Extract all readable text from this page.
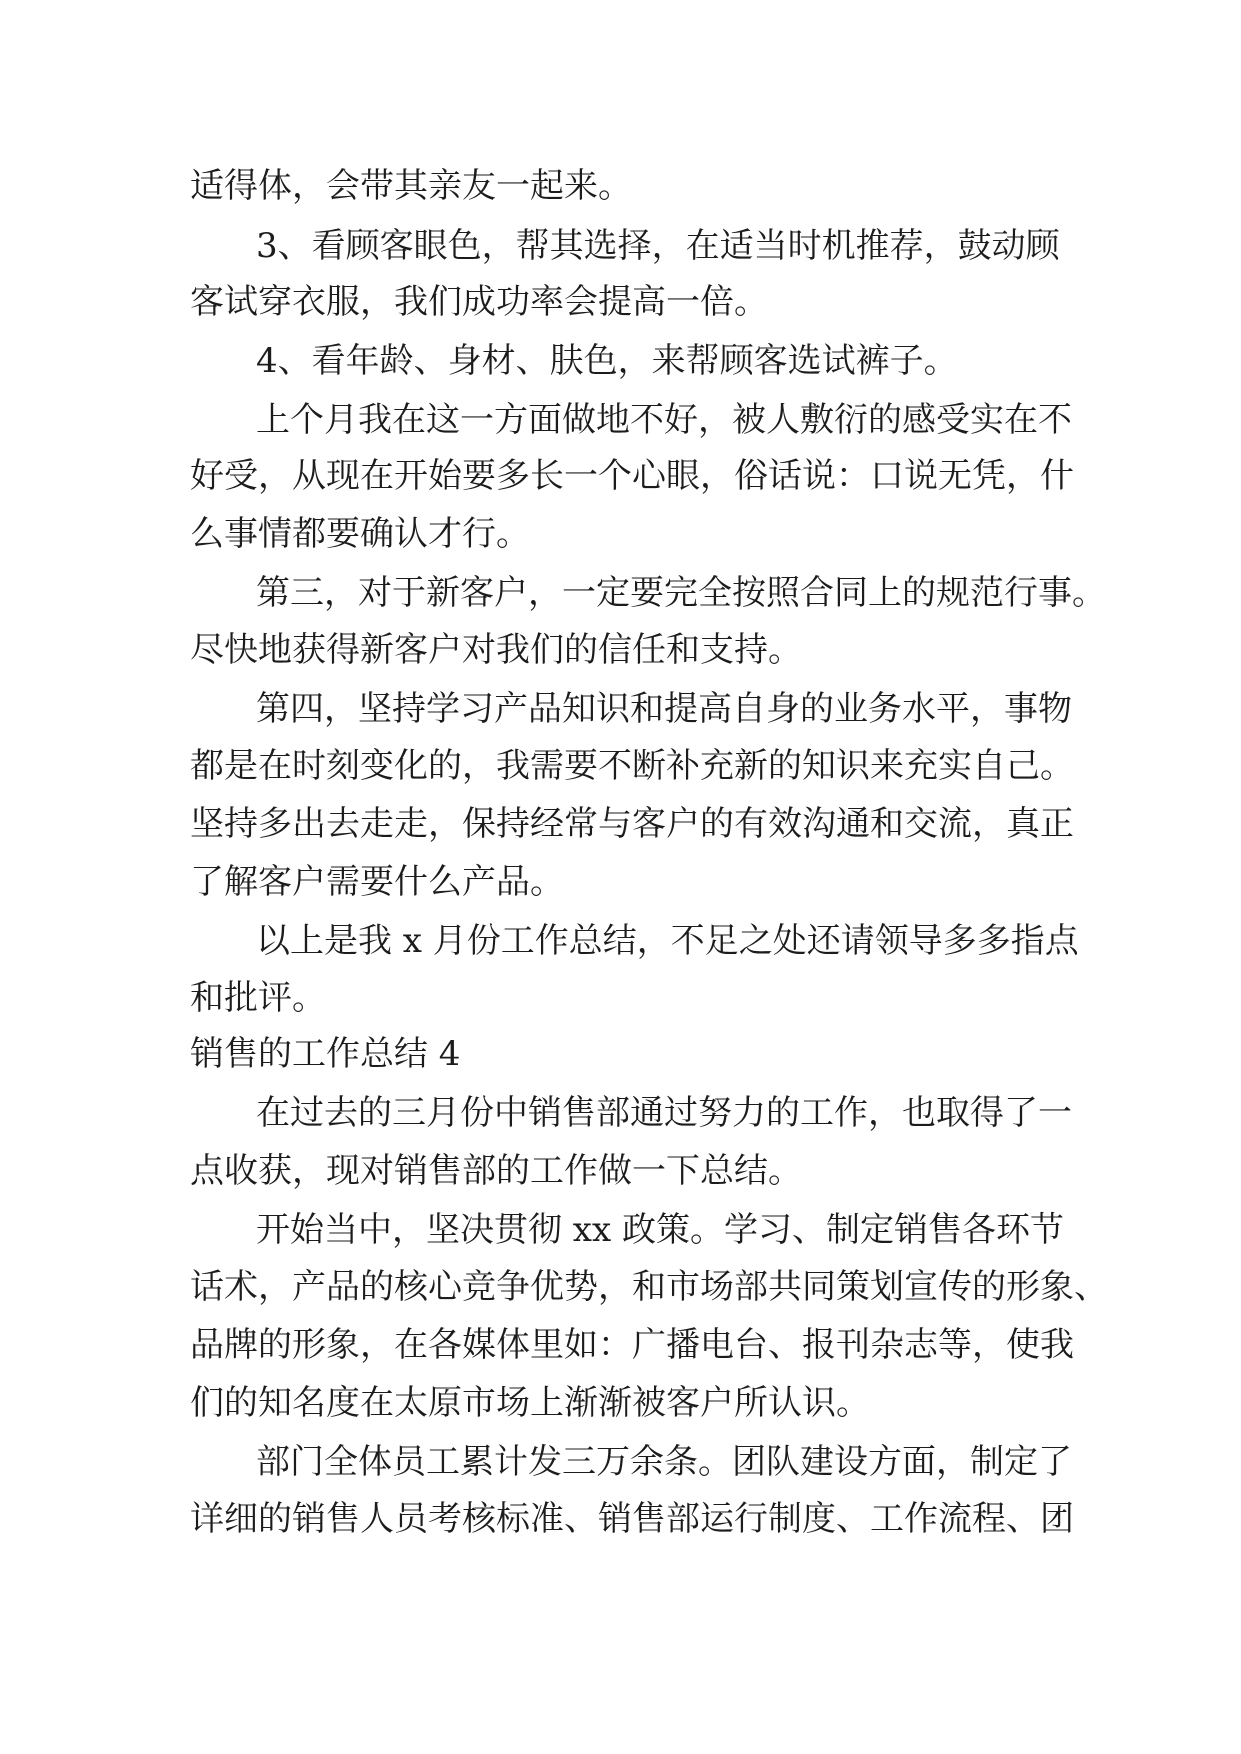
适得体，会带其亲友一起来。
3、看顾客眼色，帮其选择，在适当时机推荐，鼓动顾
客试穿衣服，我们成功率会提高一倍。
4、看年龄、身材、肤色，来帮顾客选试裤子。
上个月我在这一方面做地不好，被人敷衍的感受实在不
好受，从现在开始要多长一个心眼，俗话说：口说无凭，什
么事情都要确认才行。
第三，对于新客户，一定要完全按照合同上的规范行事。
尽快地获得新客户对我们的信任和支持。
第四，坚持学习产品知识和提高自身的业务水平，事物
都是在时刻变化的，我需要不断补充新的知识来充实自己。
坚持多出去走走，保持经常与客户的有效沟通和交流，真正
了解客户需要什么产品。
以上是我 x 月份工作总结，不足之处还请领导多多指点
和批评。
销售的工作总结 4
在过去的三月份中销售部通过努力的工作，也取得了一
点收获，现对销售部的工作做一下总结。
开始当中，坚决贯彻 xx 政策。学习、制定销售各环节
话术，产品的核心竞争优势，和市场部共同策划宣传的形象、
品牌的形象，在各媒体里如：广播电台、报刊杂志等，使我
们的知名度在太原市场上渐渐被客户所认识。
部门全体员工累计发三万余条。团队建设方面，制定了
详细的销售人员考核标准、销售部运行制度、工作流程、团
